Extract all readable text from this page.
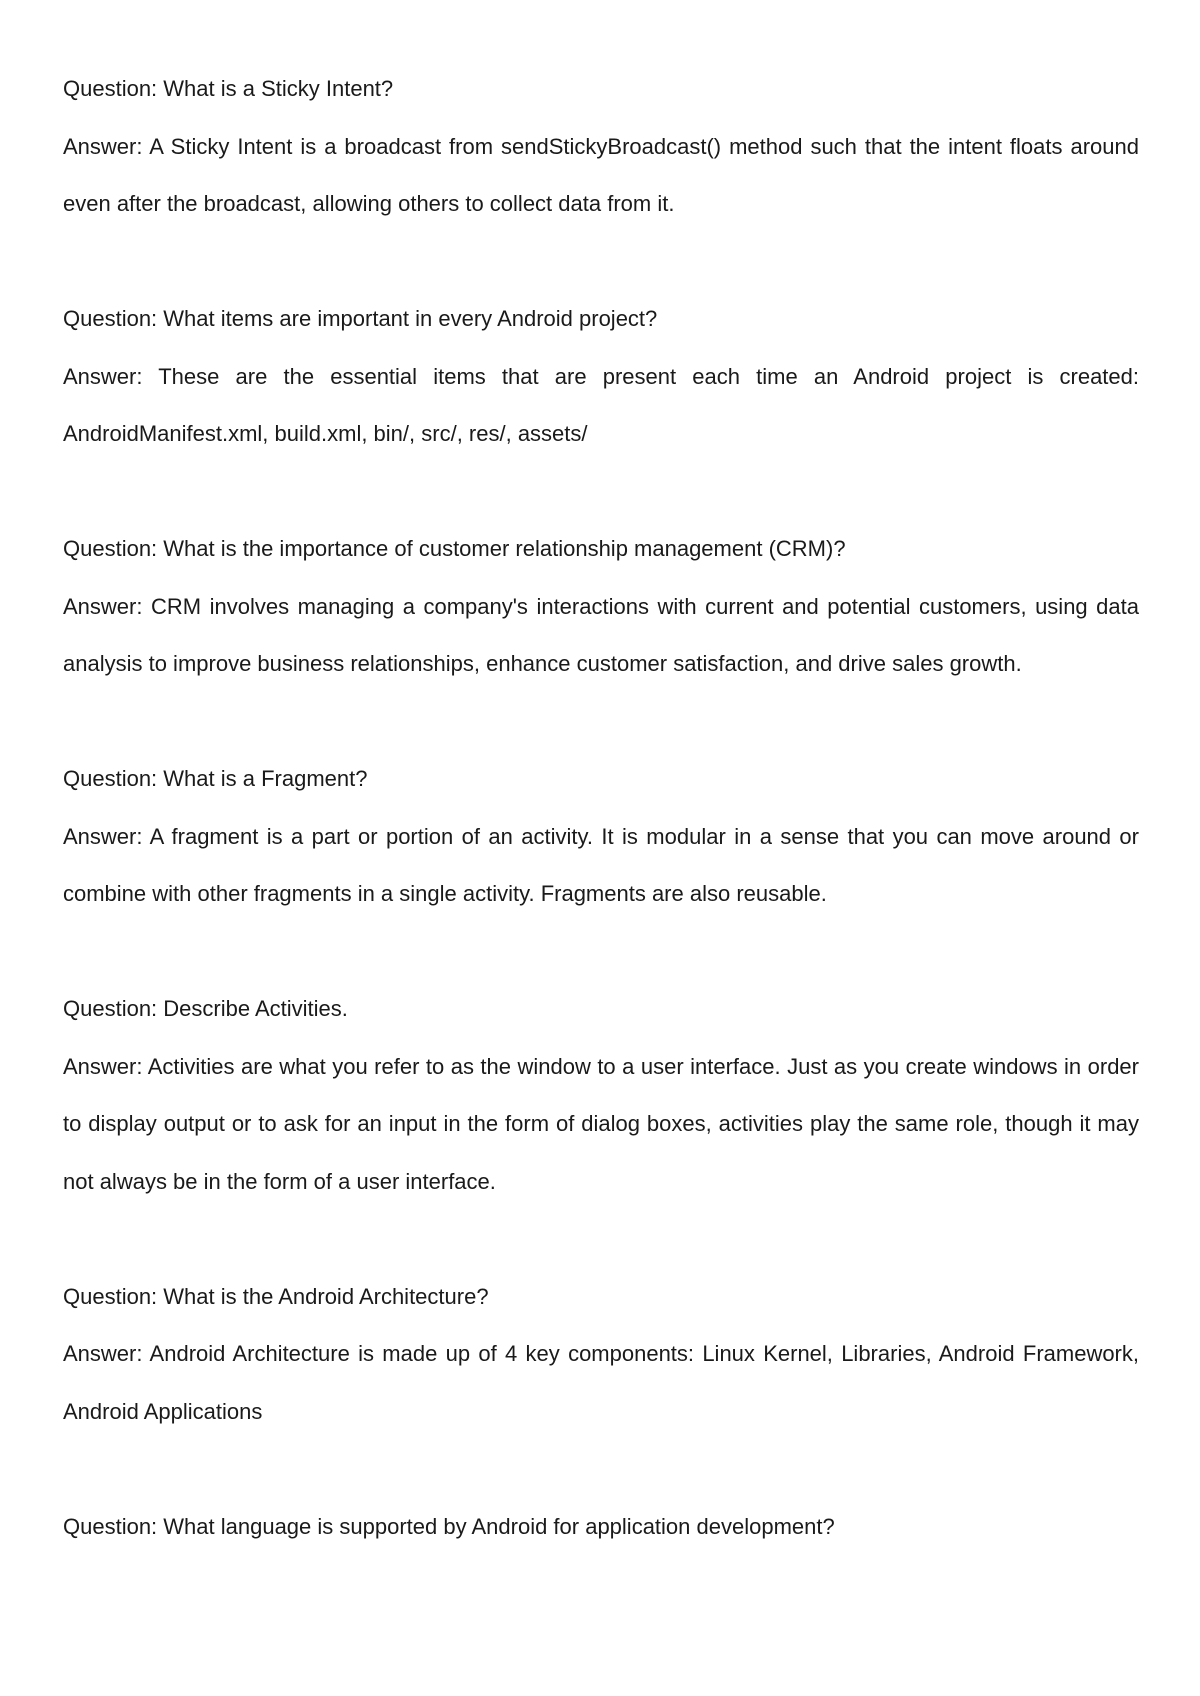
Question: What is a Sticky Intent?

Answer: A Sticky Intent is a broadcast from sendStickyBroadcast() method such that the intent floats around even after the broadcast, allowing others to collect data from it.

Question: What items are important in every Android project?

Answer: These are the essential items that are present each time an Android project is created: AndroidManifest.xml, build.xml, bin/, src/, res/, assets/

Question: What is the importance of customer relationship management (CRM)?

Answer: CRM involves managing a company's interactions with current and potential customers, using data analysis to improve business relationships, enhance customer satisfaction, and drive sales growth.

Question: What is a Fragment?

Answer: A fragment is a part or portion of an activity. It is modular in a sense that you can move around or combine with other fragments in a single activity. Fragments are also reusable.

Question: Describe Activities.

Answer: Activities are what you refer to as the window to a user interface. Just as you create windows in order to display output or to ask for an input in the form of dialog boxes, activities play the same role, though it may not always be in the form of a user interface.

Question: What is the Android Architecture?

Answer: Android Architecture is made up of 4 key components: Linux Kernel, Libraries, Android Framework, Android Applications

Question: What language is supported by Android for application development?
